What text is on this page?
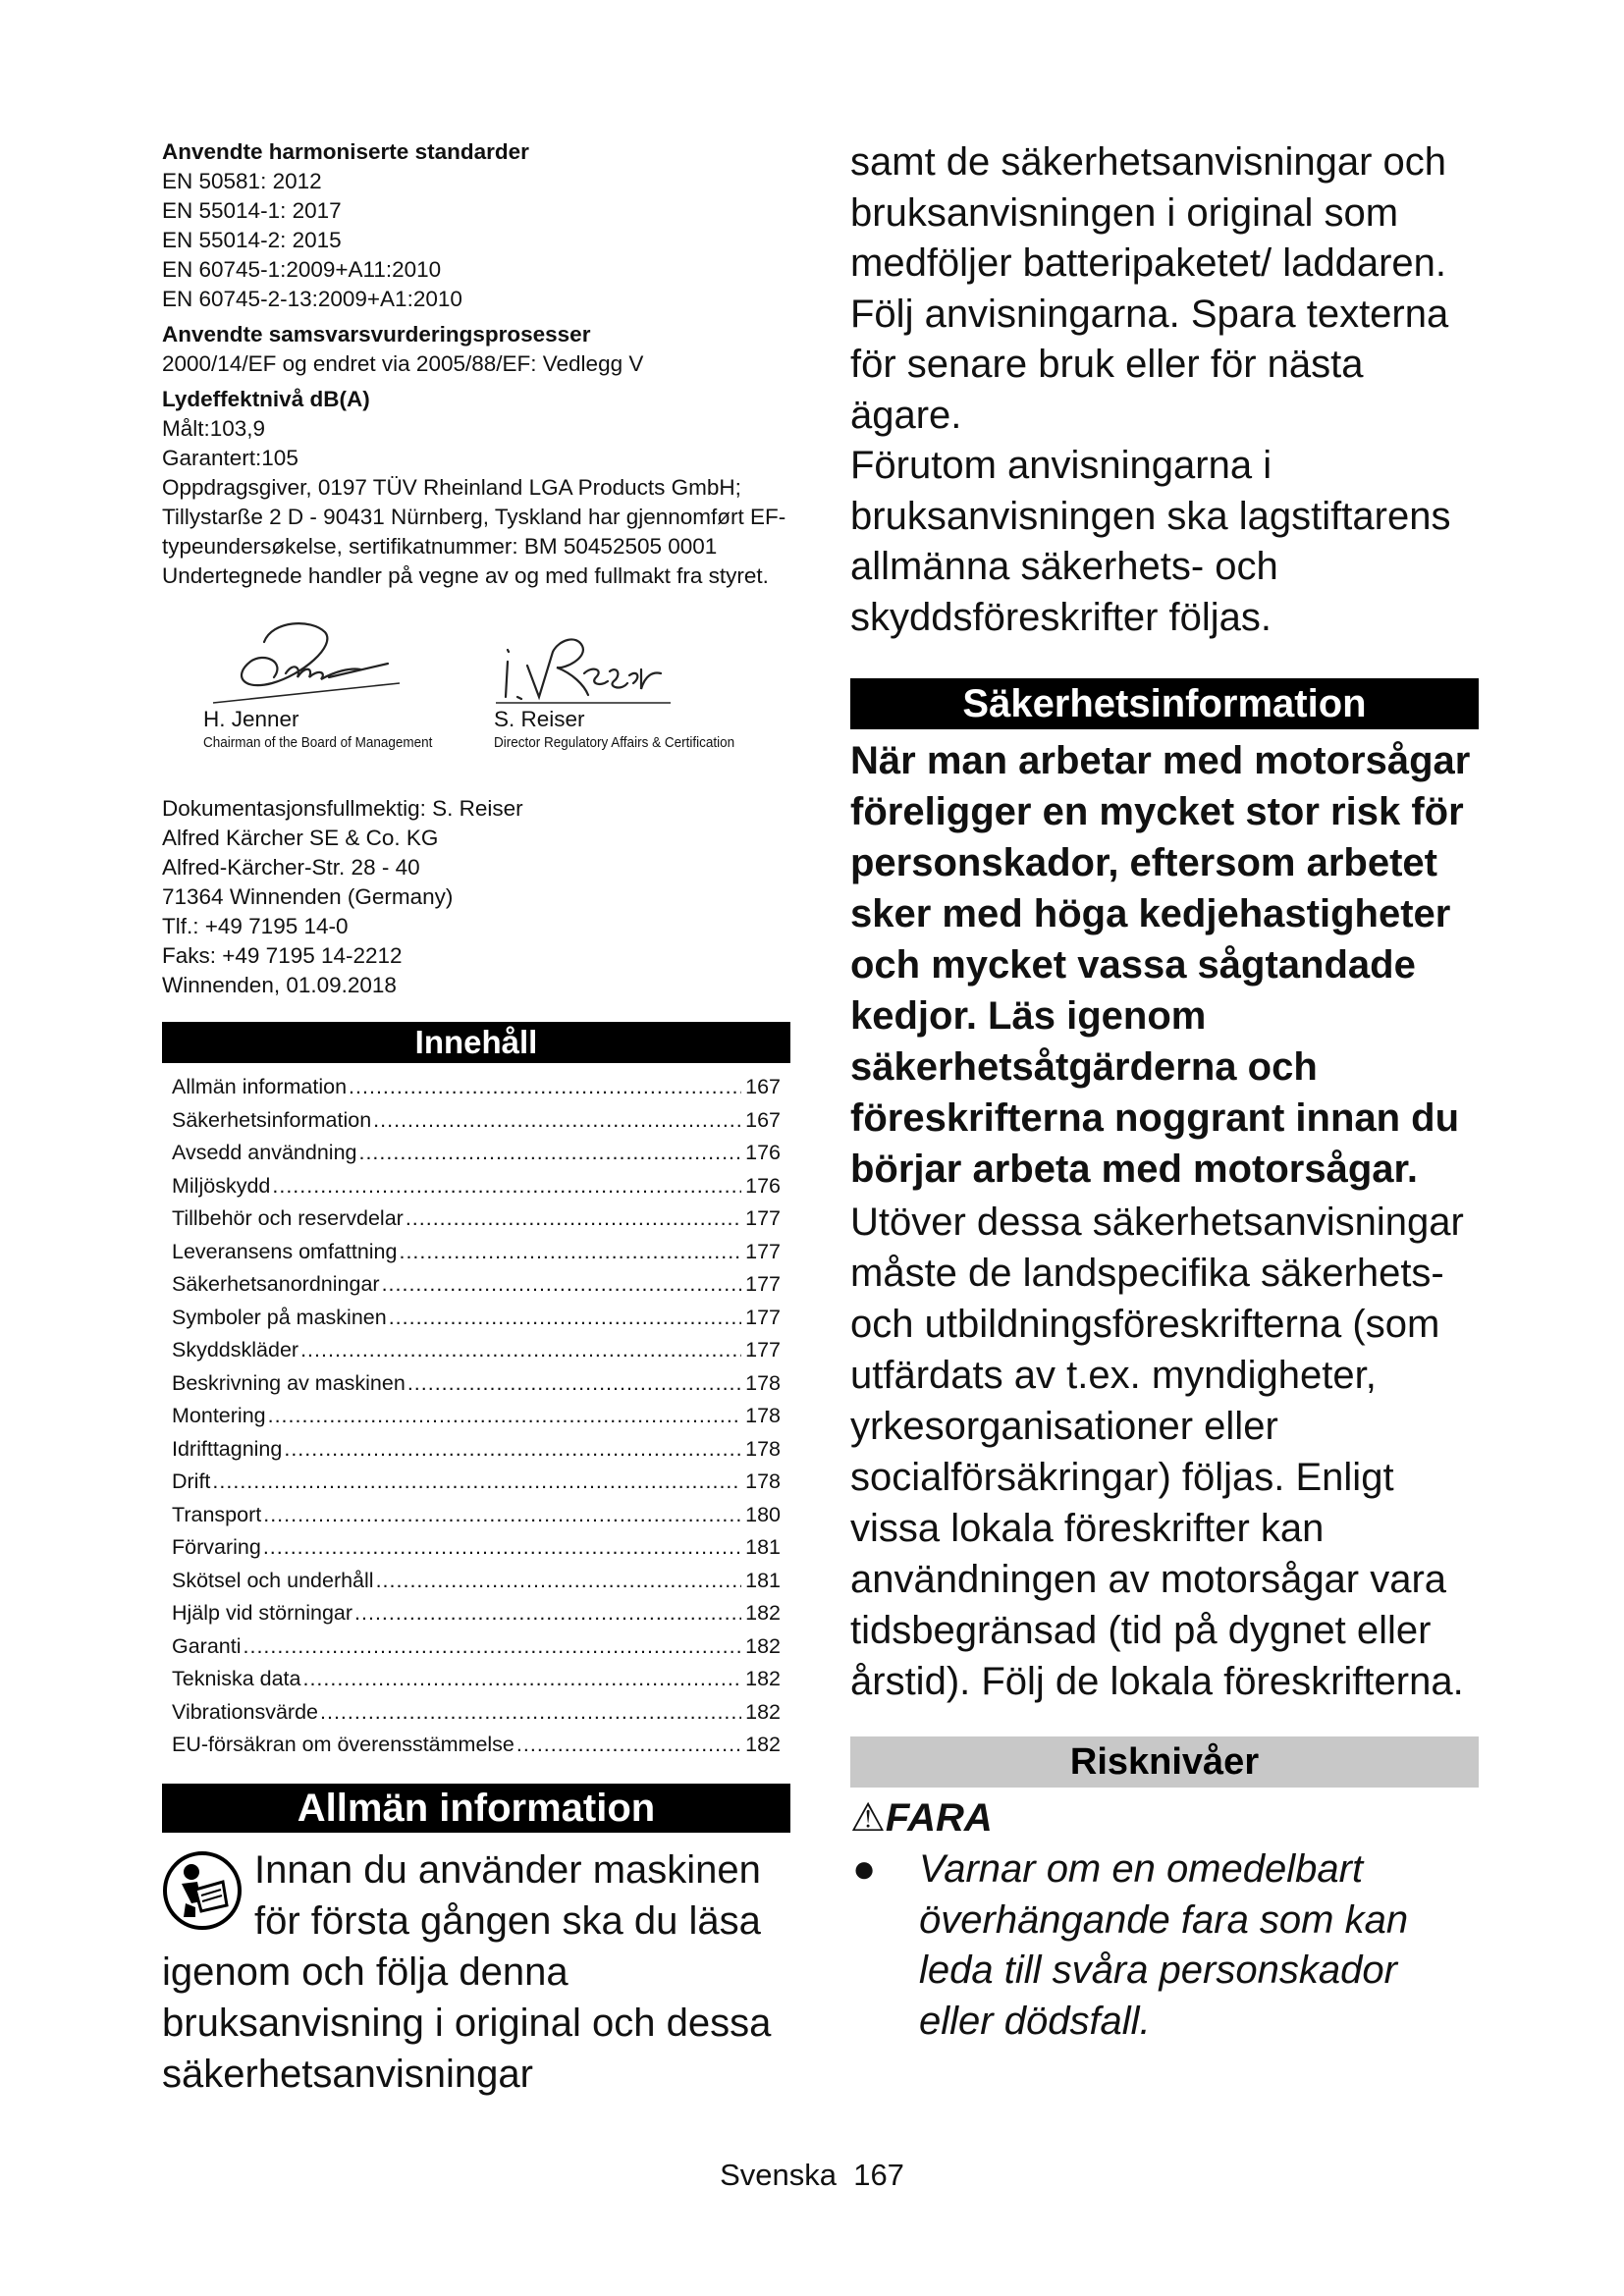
Anvendte harmoniserte standarder

EN 50581: 2012

EN 55014-1: 2017

EN 55014-2: 2015

EN 60745-1:2009+A11:2010

EN 60745-2-13:2009+A1:2010

Anvendte samsvarsvurderingsprosesser

2000/14/EF og endret via 2005/88/EF: Vedlegg V

Lydeffektnivå dB(A)

Målt:103,9

Garantert:105

Oppdragsgiver, 0197 TÜV Rheinland LGA Products GmbH; Tillystarße 2 D - 90431 Nürnberg, Tyskland har gjennomført EF-typeundersøkelse, sertifikatnummer: BM 50452505 0001

Undertegnede handler på vegne av og med fullmakt fra styret.

H. Jenner
Chairman of the Board of Management
S. Reiser
Director Regulatory Affairs & Certification

Dokumentasjonsfullmektig: S. Reiser

Alfred Kärcher SE & Co. KG

Alfred-Kärcher-Str. 28 - 40

71364 Winnenden (Germany)

Tlf.: +49 7195 14-0

Faks: +49 7195 14-2212

Winnenden, 01.09.2018

Innehåll
Allmän information .....	167
Säkerhetsinformation .....	167
Avsedd användning .....	176
Miljöskydd .....	176
Tillbehör och reservdelar .....	177
Leveransens omfattning .....	177
Säkerhetsanordningar .....	177
Symboler på maskinen .....	177
Skyddskläder .....	177
Beskrivning av maskinen .....	178
Montering .....	178
Idrifttagning .....	178
Drift .....	178
Transport .....	180
Förvaring .....	181
Skötsel och underhåll .....	181
Hjälp vid störningar .....	182
Garanti .....	182
Tekniska data .....	182
Vibrationsvärde .....	182
EU-försäkran om överensstämmelse .....	182
Allmän information
Innan du använder maskinen för första gången ska du läsa igenom och följa denna bruksanvisning i original och dessa säkerhetsanvisningar

samt de säkerhetsanvisningar och bruksanvisningen i original som medföljer batteripaketet/ laddaren. Följ anvisningarna. Spara texterna för senare bruk eller för nästa ägare.

Förutom anvisningarna i bruksanvisningen ska lagstiftarens allmänna säkerhets- och skyddsföreskrifter följas.

Säkerhetsinformation
När man arbetar med motorsågar föreligger en mycket stor risk för personskador, eftersom arbetet sker med höga kedjehastigheter och mycket vassa sågtandade kedjor. Läs igenom säkerhetsåtgärderna och föreskrifterna noggrant innan du börjar arbeta med motorsågar.
Utöver dessa säkerhetsanvisningar måste de landspecifika säkerhets- och utbildningsföreskrifterna (som utfärdats av t.ex. myndigheter, yrkesorganisationer eller socialförsäkringar) följas. Enligt vissa lokala föreskrifter kan användningen av motorsågar vara tidsbegränsad (tid på dygnet eller årstid). Följ de lokala föreskrifterna.
Risknivåer
⚠FARA
●	Varnar om en omedelbart överhängande fara som kan leda till svåra personskador eller dödsfall.
Svenska 167
